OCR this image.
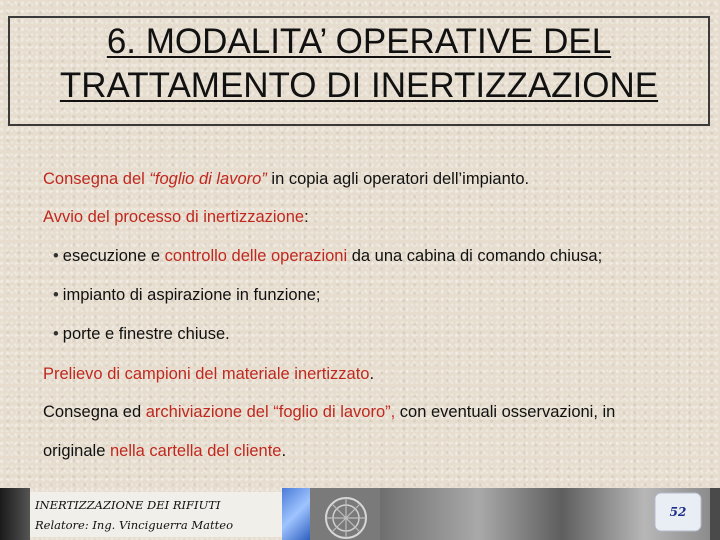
6. MODALITA’ OPERATIVE DEL
TRATTAMENTO DI INERTIZZAZIONE
Consegna del “foglio di lavoro” in copia agli operatori dell’impianto.
Avvio del processo di inertizzazione:
• esecuzione e controllo delle operazioni da una cabina di comando chiusa;
• impianto di aspirazione in funzione;
• porte e finestre chiuse.
Prelievo di campioni del materiale inertizzato.
Consegna ed archiviazione del “foglio di lavoro”, con eventuali osservazioni, in
originale nella cartella del cliente.
INERTIZZAZIONE DEI RIFIUTI
Relatore: Ing. Vinciguerra Matteo
52
